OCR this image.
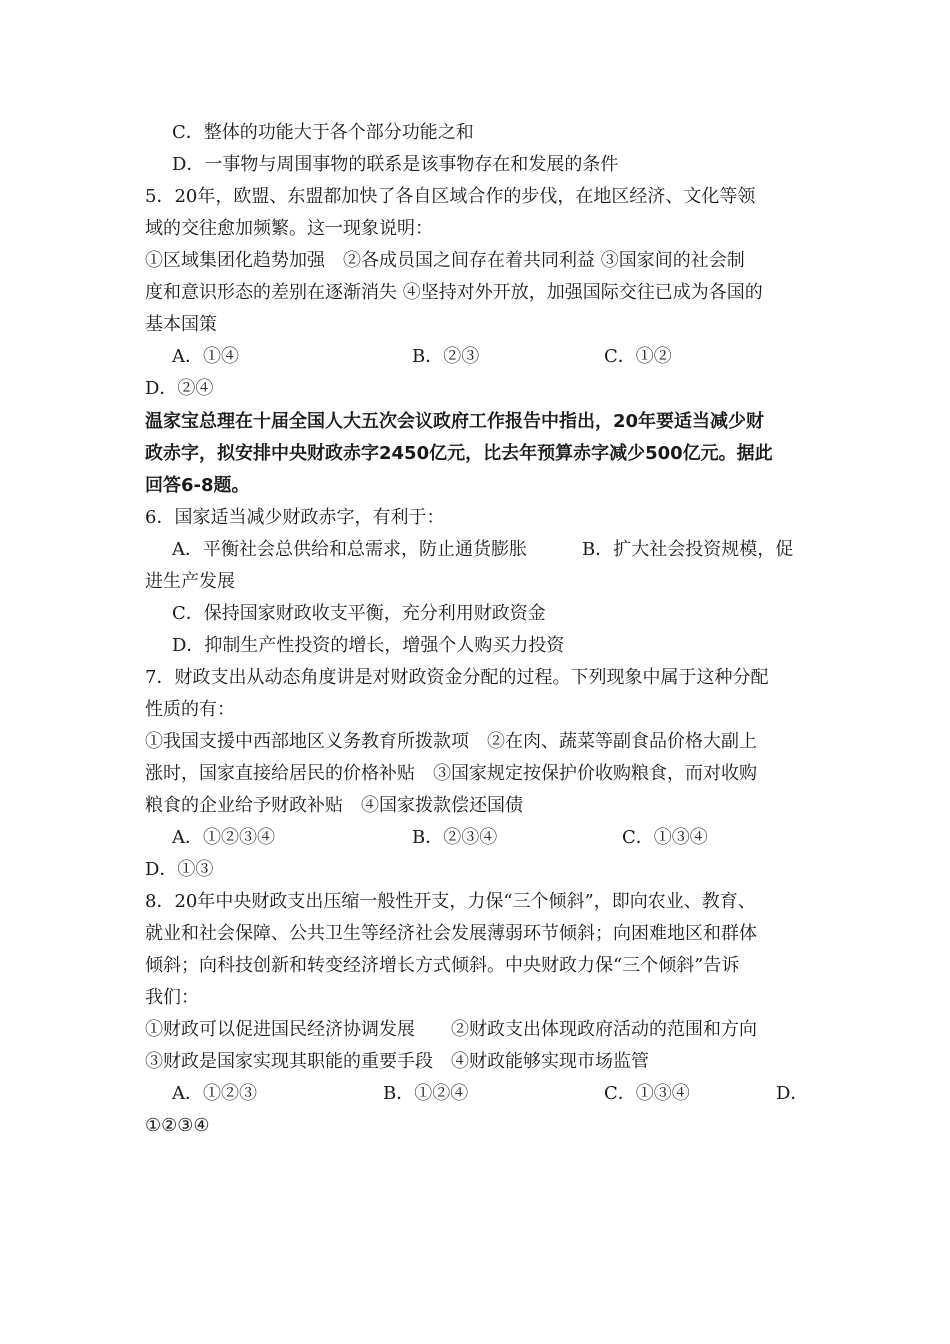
C．整体的功能大于各个部分功能之和
D．一事物与周围事物的联系是该事物存在和发展的条件
5．20年，欧盟、东盟都加快了各自区域合作的步伐，在地区经济、文化等领
域的交往愈加频繁。这一现象说明：
①区域集团化趋势加强　②各成员国之间存在着共同利益 ③国家间的社会制
度和意识形态的差别在逐渐消失 ④坚持对外开放，加强国际交往已成为各国的
基本国策
A．①④	B．②③	C．①②
D．②④
温家宝总理在十届全国人大五次会议政府工作报告中指出，20年要适当减少财
政赤字，拟安排中央财政赤字2450亿元，比去年预算赤字减少500亿元。据此
回答6-8题。
6．国家适当减少财政赤字，有利于：
A．平衡社会总供给和总需求，防止通货膨胀	B．扩大社会投资规模，促
进生产发展
C．保持国家财政收支平衡，充分利用财政资金
D．抑制生产性投资的增长，增强个人购买力投资
7．财政支出从动态角度讲是对财政资金分配的过程。下列现象中属于这种分配
性质的有：
①我国支援中西部地区义务教育所拨款项　②在肉、蔬菜等副食品价格大副上
涨时，国家直接给居民的价格补贴　③国家规定按保护价收购粮食，而对收购
粮食的企业给予财政补贴　④国家拨款偿还国债
A．①②③④	B．②③④	C．①③④
D．①③
8．20年中央财政支出压缩一般性开支，力保“三个倾斜”，即向农业、教育、
就业和社会保障、公共卫生等经济社会发展薄弱环节倾斜；向困难地区和群体
倾斜；向科技创新和转变经济增长方式倾斜。中央财政力保“三个倾斜”告诉
我们：
①财政可以促进国民经济协调发展　　②财政支出体现政府活动的范围和方向
③财政是国家实现其职能的重要手段　④财政能够实现市场监管
A．①②③	B．①②④	C．①③④	D．
①②③④
